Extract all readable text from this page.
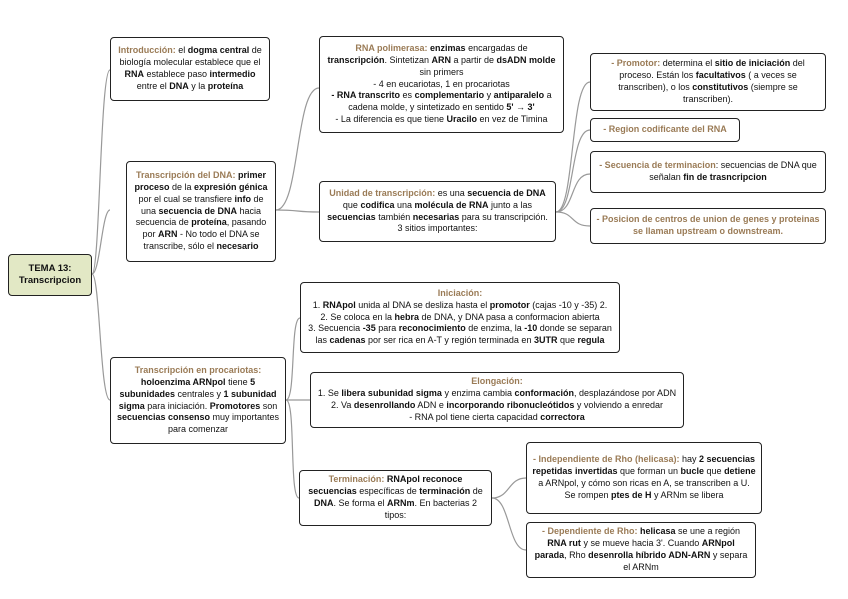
TEMA 13:
Transcripcion
Introducción: el dogma central de biología molecular establece que el RNA establece paso intermedio entre el DNA y la proteína
Transcripción del DNA: primer proceso de la expresión génica por el cual se transfiere info de una secuencia de DNA hacia secuencia de proteína, pasando por ARN - No todo el DNA se transcribe, sólo el necesario
RNA polimerasa: enzimas encargadas de transcripción. Sintetizan ARN a partir de dsADN molde sin primers
- 4 en eucariotas, 1 en procariotas
- RNA transcrito es complementario y antiparalelo a cadena molde, y sintetizado en sentido 5' → 3'
- La diferencia es que tiene Uracilo en vez de Timina
Unidad de transcripción: es una secuencia de DNA que codifica una molécula de RNA junto a las secuencias también necesarias para su transcripción. 3 sitios importantes:
- Promotor: determina el sitio de iniciación del proceso. Están los facultativos ( a veces se transcriben), o los constitutivos (siempre se transcriben).
- Region codificante del RNA
- Secuencia de terminacion: secuencias de DNA que señalan fin de trasncripcion
- Posicion de centros de union de genes y proteinas se llaman upstream o downstream.
Transcripción en procariotas: holoenzima ARNpol tiene 5 subunidades centrales y 1 subunidad sigma para iniciación. Promotores son secuencias consenso muy importantes para comenzar
Iniciación:
1. RNApol unida al DNA se desliza hasta el promotor (cajas -10 y -35) 2.
2. Se coloca en la hebra de DNA, y DNA pasa a conformacion abierta
3. Secuencia -35 para reconocimiento de enzima, la -10 donde se separan las cadenas por ser rica en A-T y región terminada en 3UTR que regula
Elongación:
1. Se libera subunidad sigma y enzima cambia conformación, desplazándose por ADN
2. Va desenrollando ADN e incorporando ribonucleótidos y volviendo a enredar
- RNA pol tiene cierta capacidad correctora
Terminación: RNApol reconoce secuencias específicas de terminación de DNA. Se forma el ARNm. En bacterias 2 tipos:
- Independiente de Rho (helicasa): hay 2 secuencias repetidas invertidas que forman un bucle que detiene a ARNpol, y cómo son ricas en A, se transcriben a U. Se rompen ptes de H y ARNm se libera
- Dependiente de Rho: helicasa se une a región RNA rut y se mueve hacia 3'. Cuando ARNpol parada, Rho desenrolla híbrido ADN-ARN y separa el ARNm
